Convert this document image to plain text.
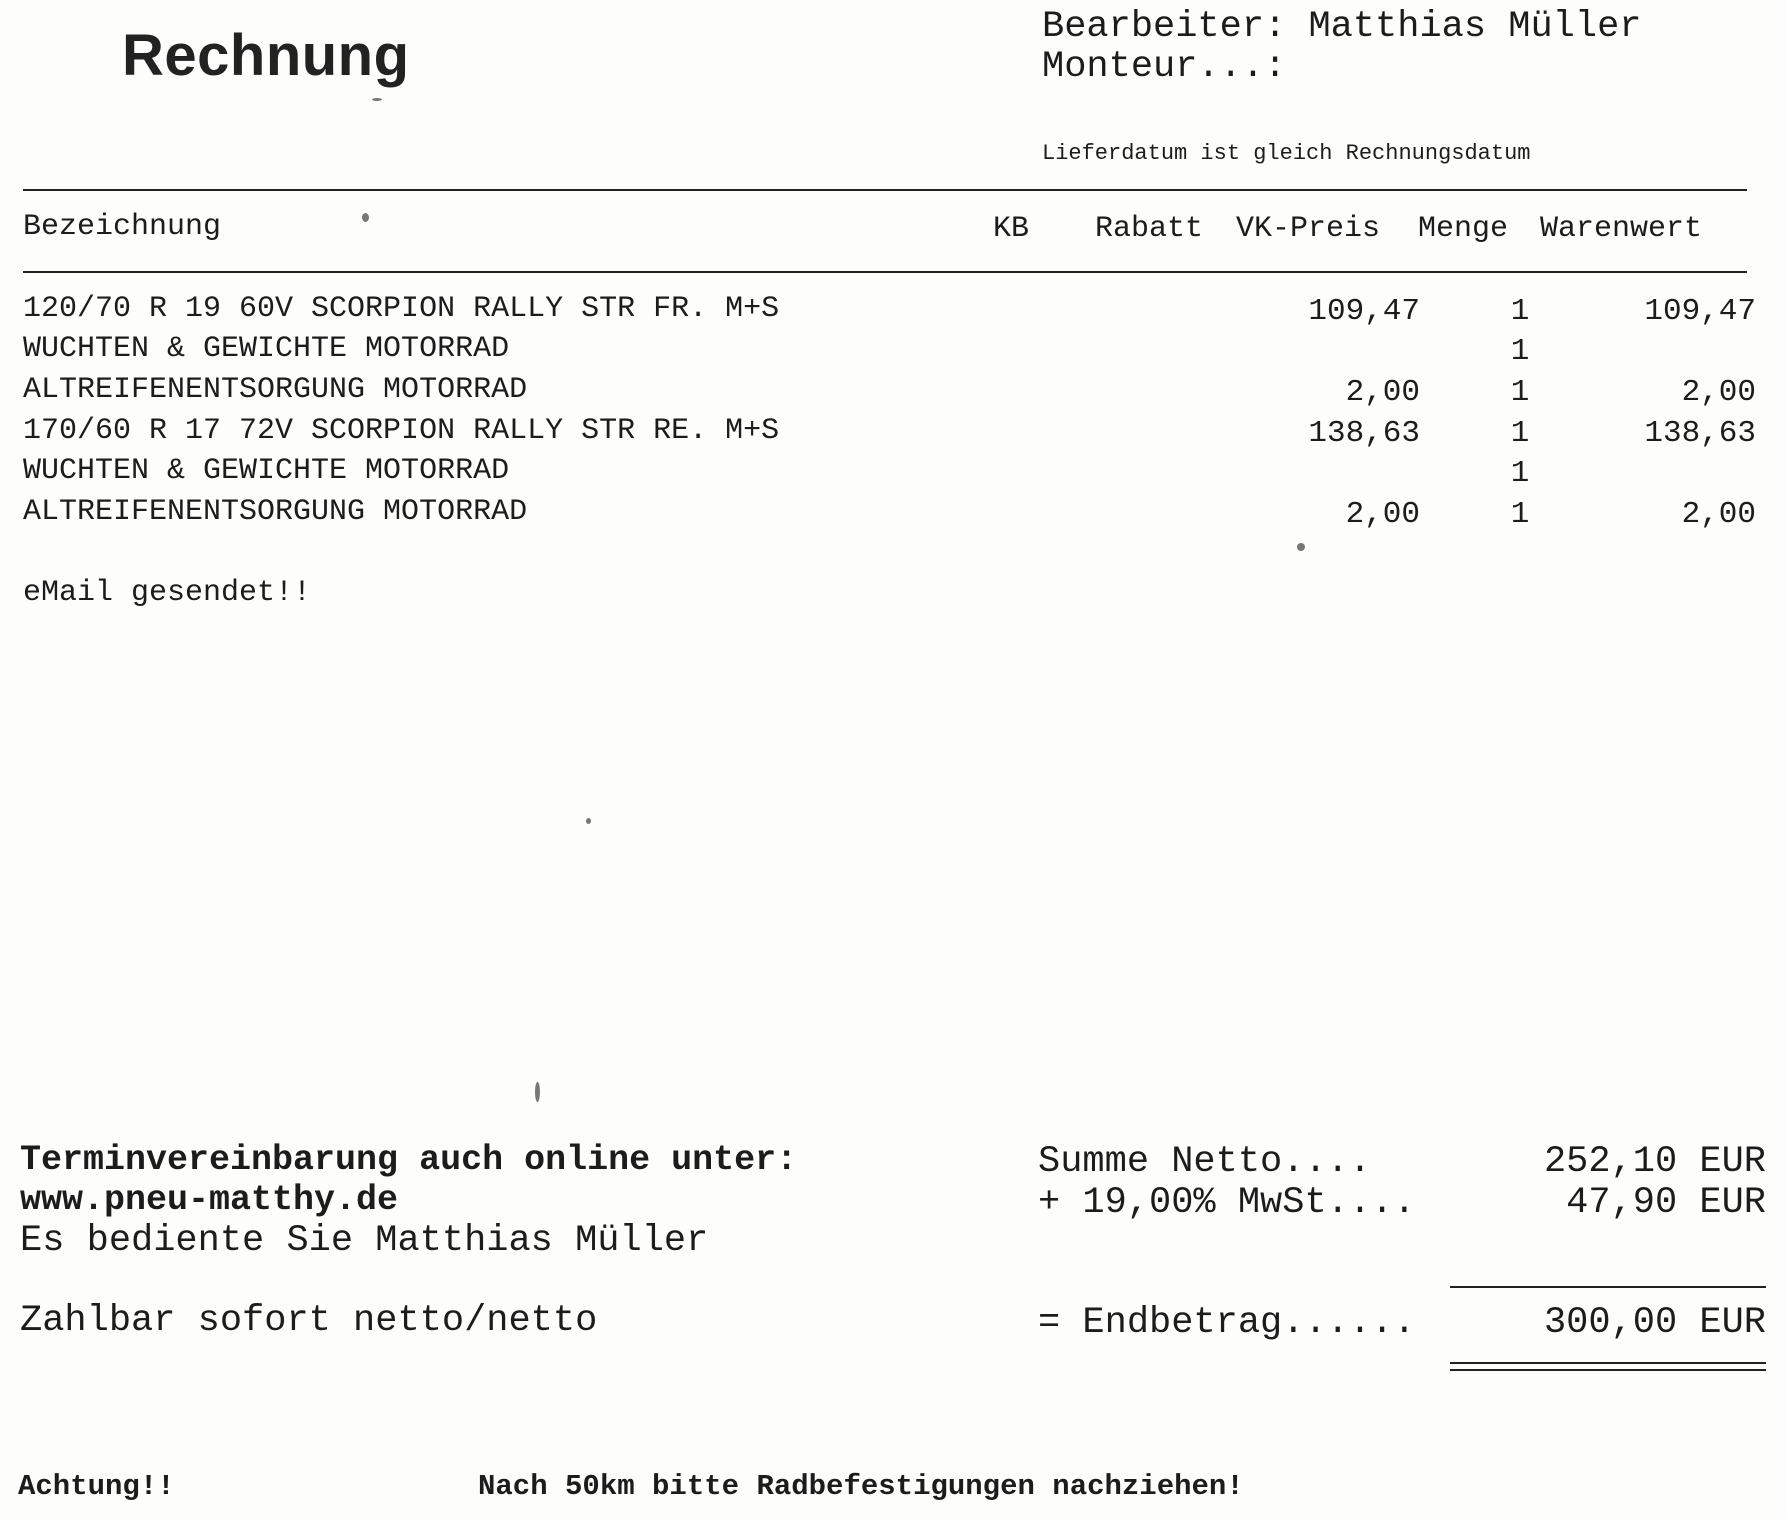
Rechnung	Bearbeiter: Matthias Müller
Monteur...:
Lieferdatum ist gleich Rechnungsdatum
Bezeichnung	KB Rabatt VK-Preis Menge Warenwert
120/70 R 19 60V SCORPION RALLY STR FR. M+S	109,47	1	109,47
WUCHTEN & GEWICHTE MOTORRAD	1
ALTREIFENENTSORGUNG MOTORRAD	2,00	1	2,00
170/60 R 17 72V SCORPION RALLY STR RE. M+S	138,63	1	138,63
WUCHTEN & GEWICHTE MOTORRAD	1
ALTREIFENENTSORGUNG MOTORRAD	2,00	1	2,00
eMail gesendet!!
Terminvereinbarung auch online unter:
www.pneu-matthy.de
Es bediente Sie Matthias Müller
Zahlbar sofort netto/netto
Summe Netto....	252,10 EUR
+ 19,00% MwSt....	47,90 EUR
= Endbetrag......	300,00 EUR
Achtung!!	Nach 50km bitte Radbefestigungen nachziehen!
